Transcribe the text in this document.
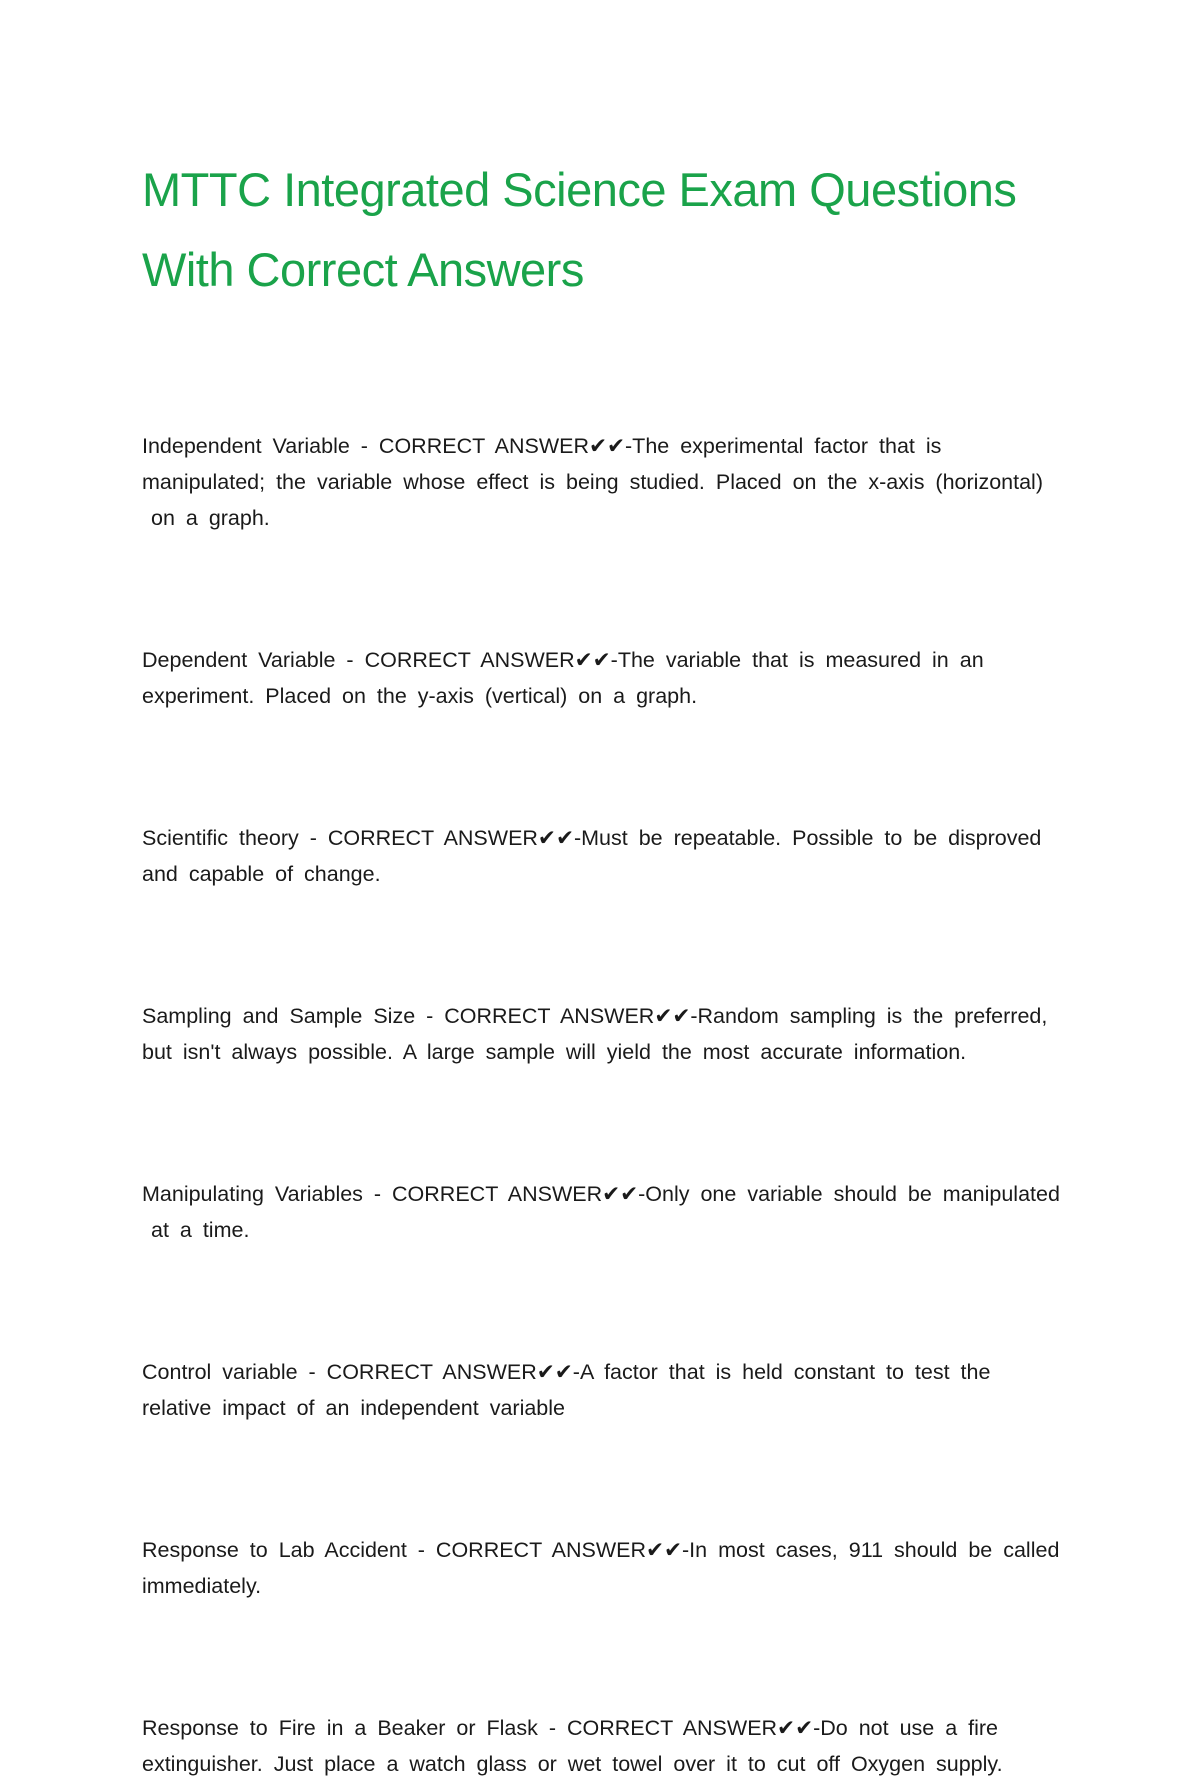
MTTC Integrated Science Exam Questions
With Correct Answers

Independent Variable - CORRECT ANSWER✔✔-The experimental factor that is
manipulated; the variable whose effect is being studied. Placed on the x-axis (horizontal)
on a graph.

Dependent Variable - CORRECT ANSWER✔✔-The variable that is measured in an
experiment. Placed on the y-axis (vertical) on a graph.

Scientific theory - CORRECT ANSWER✔✔-Must be repeatable. Possible to be disproved
and capable of change.

Sampling and Sample Size - CORRECT ANSWER✔✔-Random sampling is the preferred,
but isn't always possible. A large sample will yield the most accurate information.

Manipulating Variables - CORRECT ANSWER✔✔-Only one variable should be manipulated
at a time.

Control variable - CORRECT ANSWER✔✔-A factor that is held constant to test the
relative impact of an independent variable

Response to Lab Accident - CORRECT ANSWER✔✔-In most cases, 911 should be called
immediately.

Response to Fire in a Beaker or Flask - CORRECT ANSWER✔✔-Do not use a fire
extinguisher. Just place a watch glass or wet towel over it to cut off Oxygen supply.
